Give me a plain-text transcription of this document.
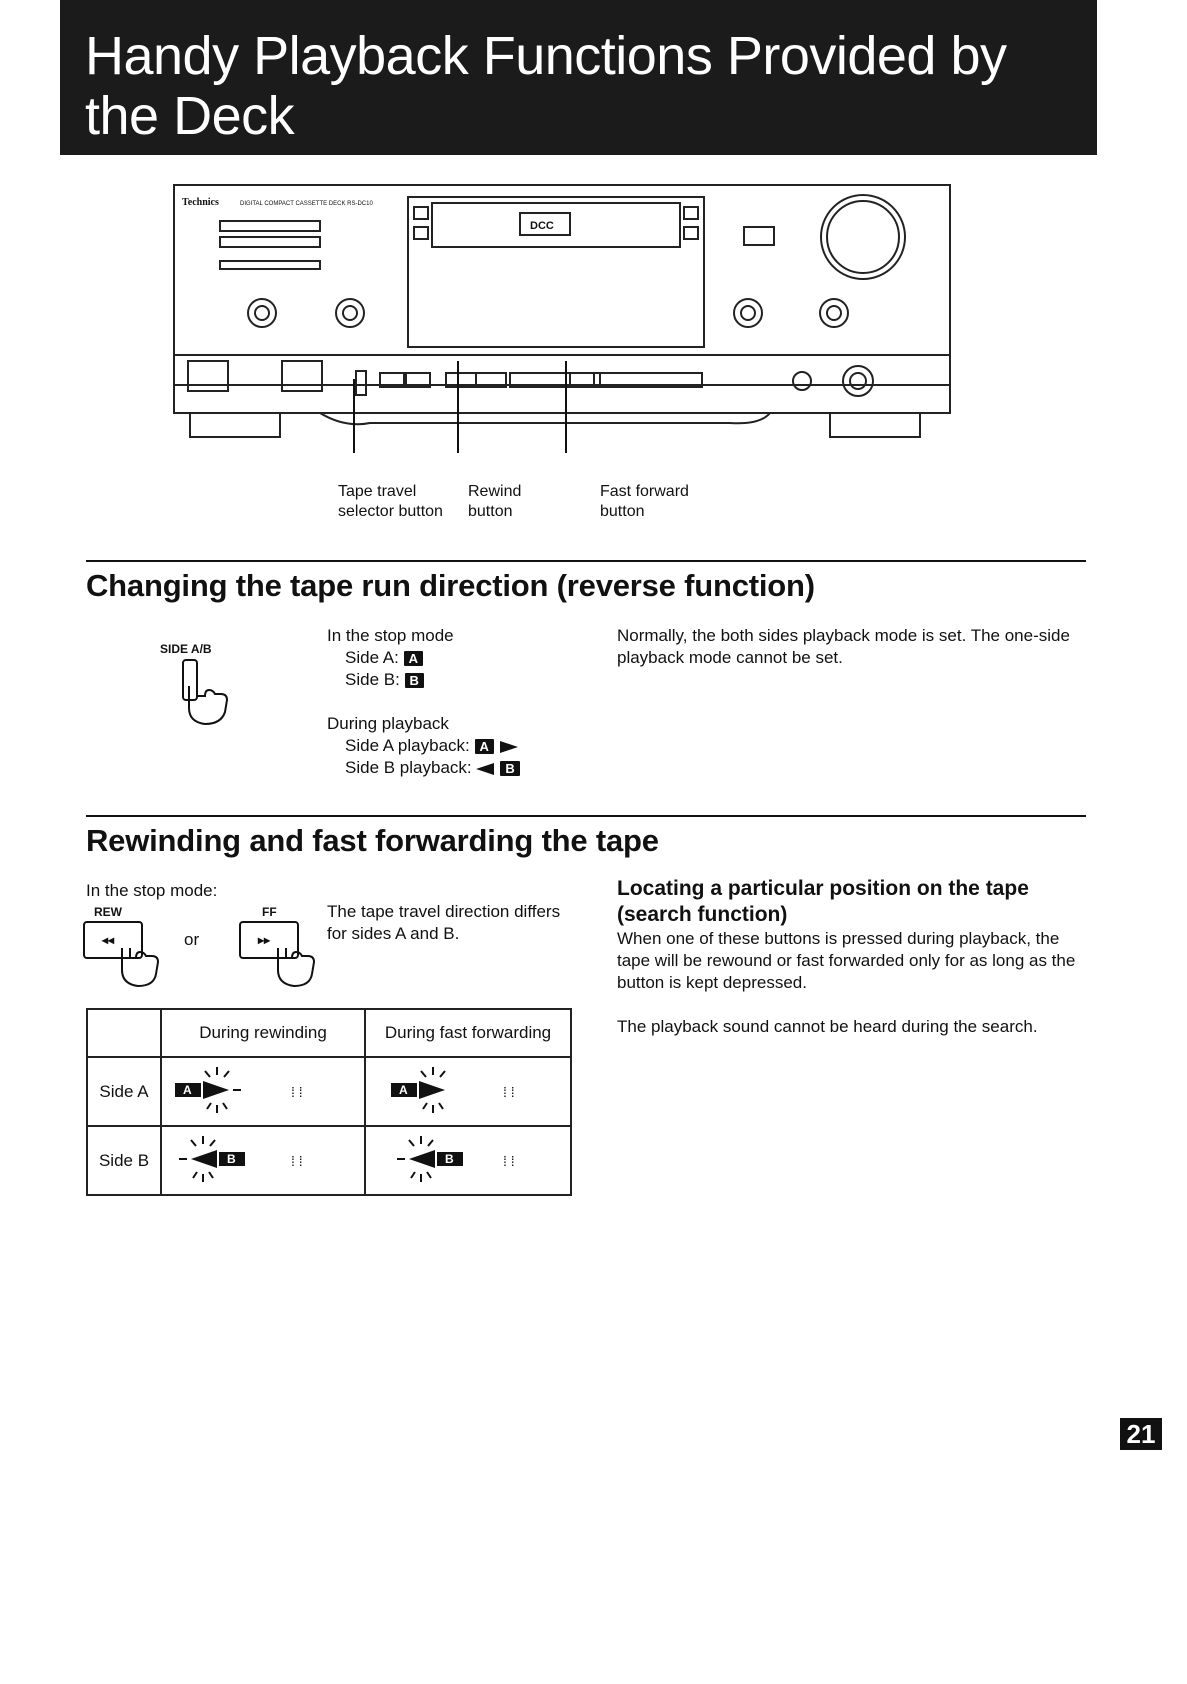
Handy Playback Functions Provided by
the Deck
Technics	DIGITAL COMPACT CASSETTE DECK RS-DC10
DCC
Tape travel
selector button
Rewind
button
Fast forward
button
Changing the tape run direction (reverse function)
SIDE A/B
In the stop mode
Side A: A
Side B: B
During playback
Side A playback: A
Side B playback:	B
Normally, the both sides playback mode is set. The one-side playback mode cannot be set.
Rewinding and fast forwarding the tape
In the stop mode:
REW	FF
◂◂	or	▸▸
The tape travel direction differs for sides A and B.
	During rewinding	During fast forwarding
Side A	A ⁞ ⁞	A ⁞ ⁞

Side B	B ⁞ ⁞	B ⁞ ⁞
Locating a particular position on the tape
(search function)
When one of these buttons is pressed during playback, the tape will be rewound or fast forwarded only for as long as the button is kept depressed.
The playback sound cannot be heard during the search.
21
